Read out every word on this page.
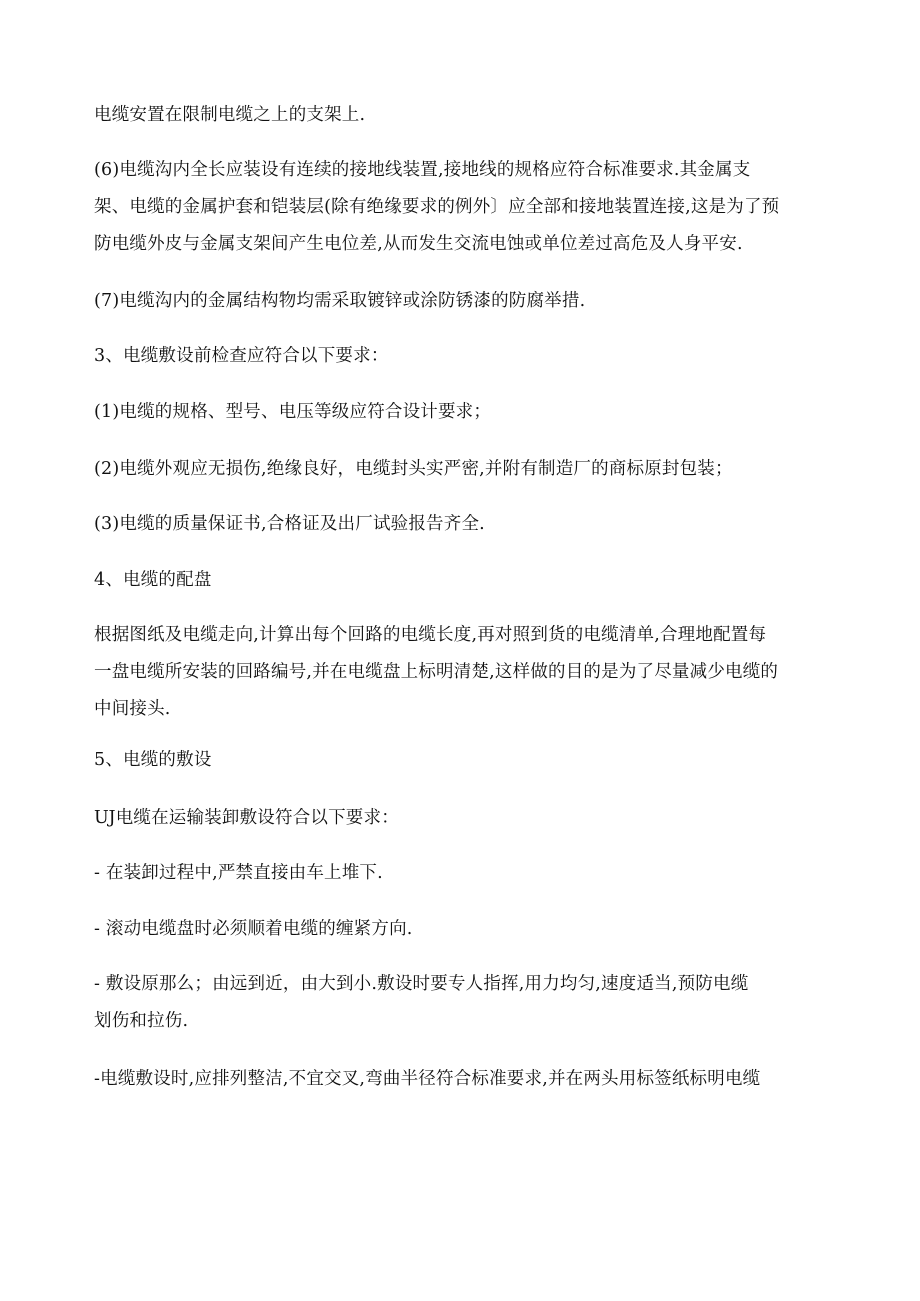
电缆安置在限制电缆之上的支架上.

(6)电缆沟内全长应装设有连续的接地线装置,接地线的规格应符合标准要求.其金属支
架、电缆的金属护套和铠装层(除有绝缘要求的例外〕应全部和接地装置连接,这是为了预
防电缆外皮与金属支架间产生电位差,从而发生交流电蚀或单位差过高危及人身平安.

(7)电缆沟内的金属结构物均需采取镀锌或涂防锈漆的防腐举措.

3、电缆敷设前检查应符合以下要求：

(1)电缆的规格、型号、电压等级应符合设计要求；

(2)电缆外观应无损伤,绝缘良好，电缆封头实严密,并附有制造厂的商标原封包装；

(3)电缆的质量保证书,合格证及出厂试验报告齐全.

4、电缆的配盘

根据图纸及电缆走向,计算出每个回路的电缆长度,再对照到货的电缆清单,合理地配置每
一盘电缆所安装的回路编号,并在电缆盘上标明清楚,这样做的目的是为了尽量减少电缆的
中间接头.

5、电缆的敷设

UJ电缆在运输装卸敷设符合以下要求：

- 在装卸过程中,严禁直接由车上堆下.

- 滚动电缆盘时必须顺着电缆的缠紧方向.

- 敷设原那么；由远到近，由大到小.敷设时要专人指挥,用力均匀,速度适当,预防电缆
划伤和拉伤.

-电缆敷设时,应排列整洁,不宜交叉,弯曲半径符合标准要求,并在两头用标签纸标明电缆
